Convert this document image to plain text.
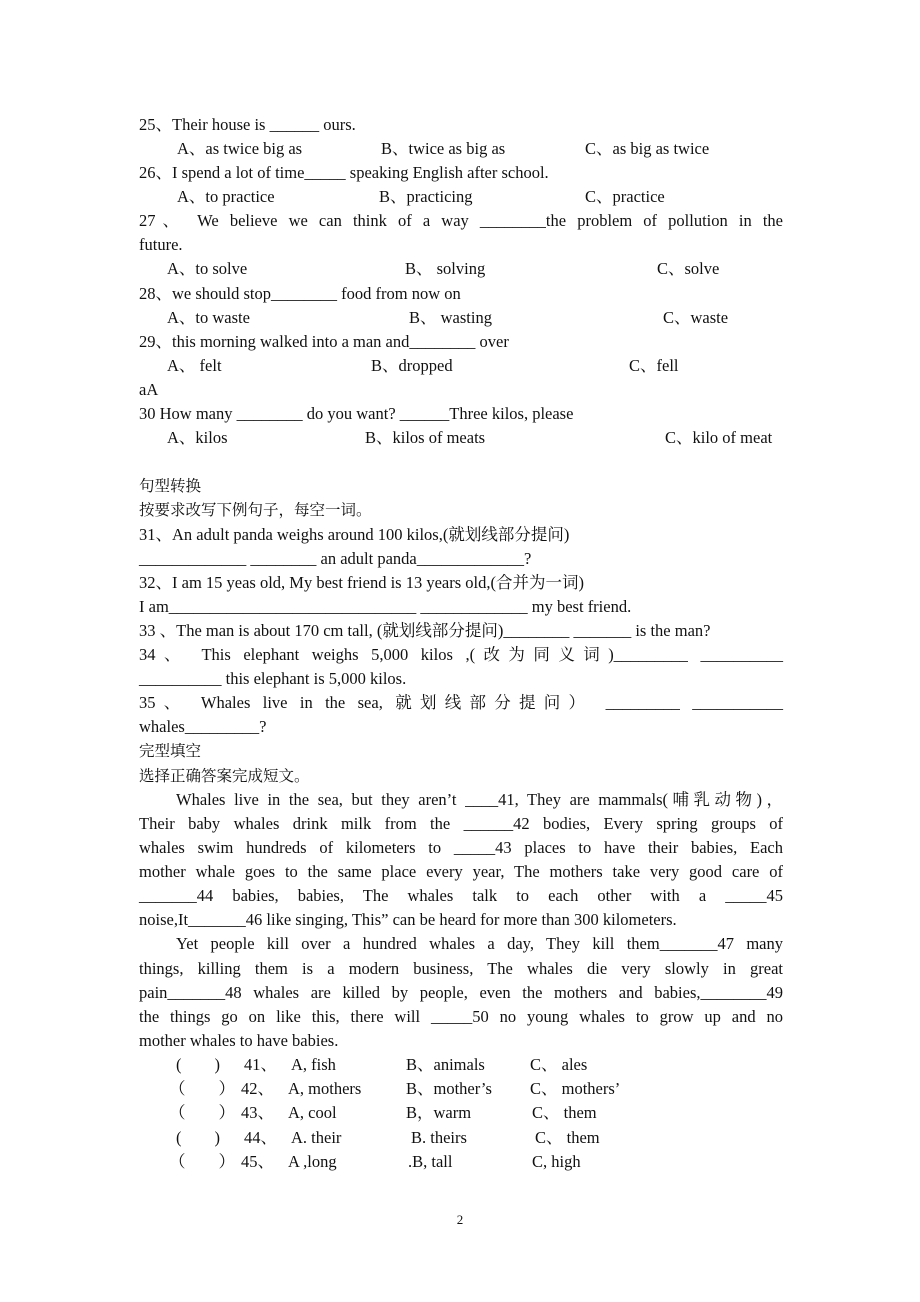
25、Their house is ______ ours.
A、as twice big as	B、twice as big as	C、as big as twice
26、I spend a lot of time_____ speaking English after school.
A、to practice	B、practicing	C、practice
27、 We believe we can think of a way ________the problem of pollution in the
future.
A、to solve	B、 solving	C、solve
28、we should stop________ food from now on
A、to waste	B、 wasting	C、waste
29、this morning walked into a man and________ over
A、 felt	B、dropped	C、fell
aA
30 How many ________ do you want? ______Three kilos, please
A、kilos	B、kilos of meats	C、kilo of meat
句型转换
按要求改写下例句子，每空一词。
31、An adult panda weighs around 100 kilos,(就划线部分提问)
_____________ ________ an adult panda_____________?
32、I am 15 yeas old, My best friend is 13 years old,(合并为一词)
I am______________________________ _____________ my best friend.
33 、The man is about 170 cm tall, (就划线部分提问)________ _______ is the man?
34、 This elephant weighs 5,000 kilos ,(改为同义词)_________ __________
__________ this elephant is 5,000 kilos.
35、 Whales live in the sea, 就划线部分提问） _________ ___________
whales_________?
完型填空
选择正确答案完成短文。
Whales live in the sea, but they aren’t ____41, They are mammals(哺乳动物)，
Their baby whales drink milk from the ______42 bodies, Every spring groups of
whales swim hundreds of kilometers to _____43 places to have their babies, Each
mother whale goes to the same place every year, The mothers take very good care of
_______44 babies, babies, The whales talk to each other with a _____45
noise,It_______46 like singing, This” can be heard for more than 300 kilometers.
Yet people kill over a hundred whales a day, They kill them_______47 many
things, killing them is a modern business, The whales die very slowly in great
pain_______48 whales are killed by people, even the mothers and babies,________49
the things go on like this, there will _____50 no young whales to grow up and no
mother whales to have babies.
(　　) 41、 A, fish	B、animals	C、 ales
（　　） 42、 A, mothers	B、mother’s C、 mothers’
（　　） 43、 A, cool	B，warm	C、 them
(　　) 44、 A. their	B. theirs	C、 them
（　　） 45、 A ,long	.B, tall	C, high
2
